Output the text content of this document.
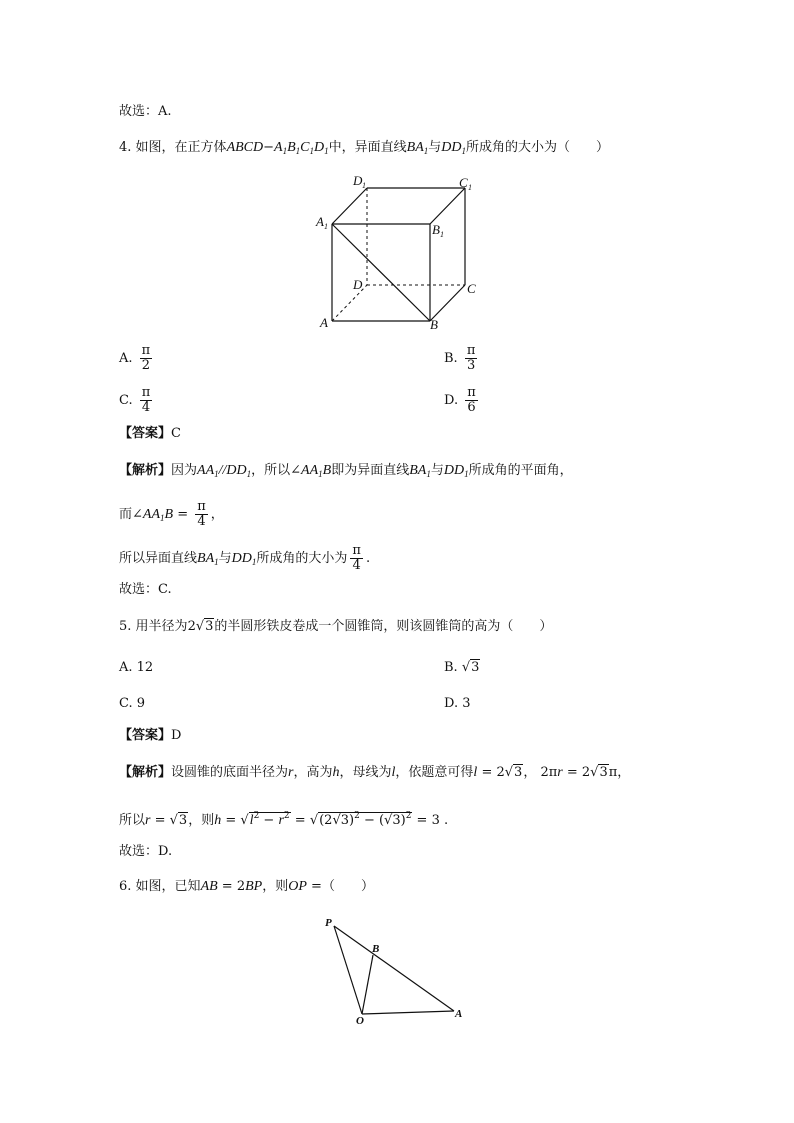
故选：A.
4. 如图，在正方体$ABCD-A_1B_1C_1D_1$中，异面直线$BA_1$与$DD_1$所成角的大小为（　　）
D 1	C 1
A 1	B 1
D	C
A	B
A. $\frac{\pi}{2}$	B. $\frac{\pi}{3}$
C. $\frac{\pi}{4}$	D. $\frac{\pi}{6}$
【答案】C
【解析】因为$AA_1//DD_1$，所以$\angle AA_1B$即为异面直线$BA_1$与$DD_1$所成角的平面角，
而$\angle AA_1B = \frac{\pi}{4}$ ，
所以异面直线$BA_1$与$DD_1$所成角的大小为 $\frac{\pi}{4}$ .
故选：C.
5. 用半径为2√3的半圆形铁皮卷成一个圆锥筒，则该圆锥筒的高为（　　）
A. 12	B. √3
C. 9	D. 3
【答案】D
【解析】设圆锥的底面半径为r，高为h，母线为l，依题意可得l = 2√3， 2πr = 2√3π，
所以r = √3，则$h = √l^2 - r^2 = √(2√3)^2 - (√3)^2 = 3$ .
故选：D.
6. 如图，已知AB = 2BP，则OP =（　　）
P
B
O
A
